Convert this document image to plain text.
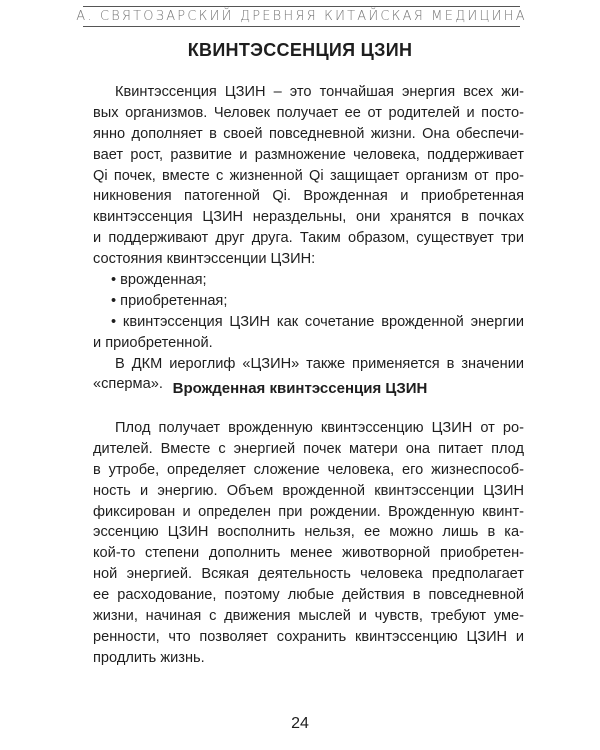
А. СВЯТОЗАРСКИЙ ДРЕВНЯЯ КИТАЙСКАЯ МЕДИЦИНА
КВИНТЭССЕНЦИЯ ЦЗИН
Квинтэссенция ЦЗИН – это тончайшая энергия всех жи-
вых организмов. Человек получает ее от родителей и посто-
янно дополняет в своей повседневной жизни. Она обеспечи-
вает рост, развитие и размножение человека, поддерживает
Qi почек, вместе с жизненной Qi защищает организм от про-
никновения патогенной Qi. Врожденная и приобретенная
квинтэссенция ЦЗИН нераздельны, они хранятся в почках
и поддерживают друг друга. Таким образом, существует три
состояния квинтэссенции ЦЗИН:
• врожденная;
• приобретенная;
• квинтэссенция ЦЗИН как сочетание врожденной энергии
и приобретенной.
В ДКМ иероглиф «ЦЗИН» также применяется в значении
«сперма». Врожденная квинтэссенция ЦЗИН
Плод получает врожденную квинтэссенцию ЦЗИН от ро-
дителей. Вместе с энергией почек матери она питает плод
в утробе, определяет сложение человека, его жизнеспособ-
ность и энергию. Объем врожденной квинтэссенции ЦЗИН
фиксирован и определен при рождении. Врожденную квинт-
эссенцию ЦЗИН восполнить нельзя, ее можно лишь в ка-
кой-то степени дополнить менее животворной приобретен-
ной энергией. Всякая деятельность человека предполагает
ее расходование, поэтому любые действия в повседневной
жизни, начиная с движения мыслей и чувств, требуют уме-
ренности, что позволяет сохранить квинтэссенцию ЦЗИН и
продлить жизнь.
24
